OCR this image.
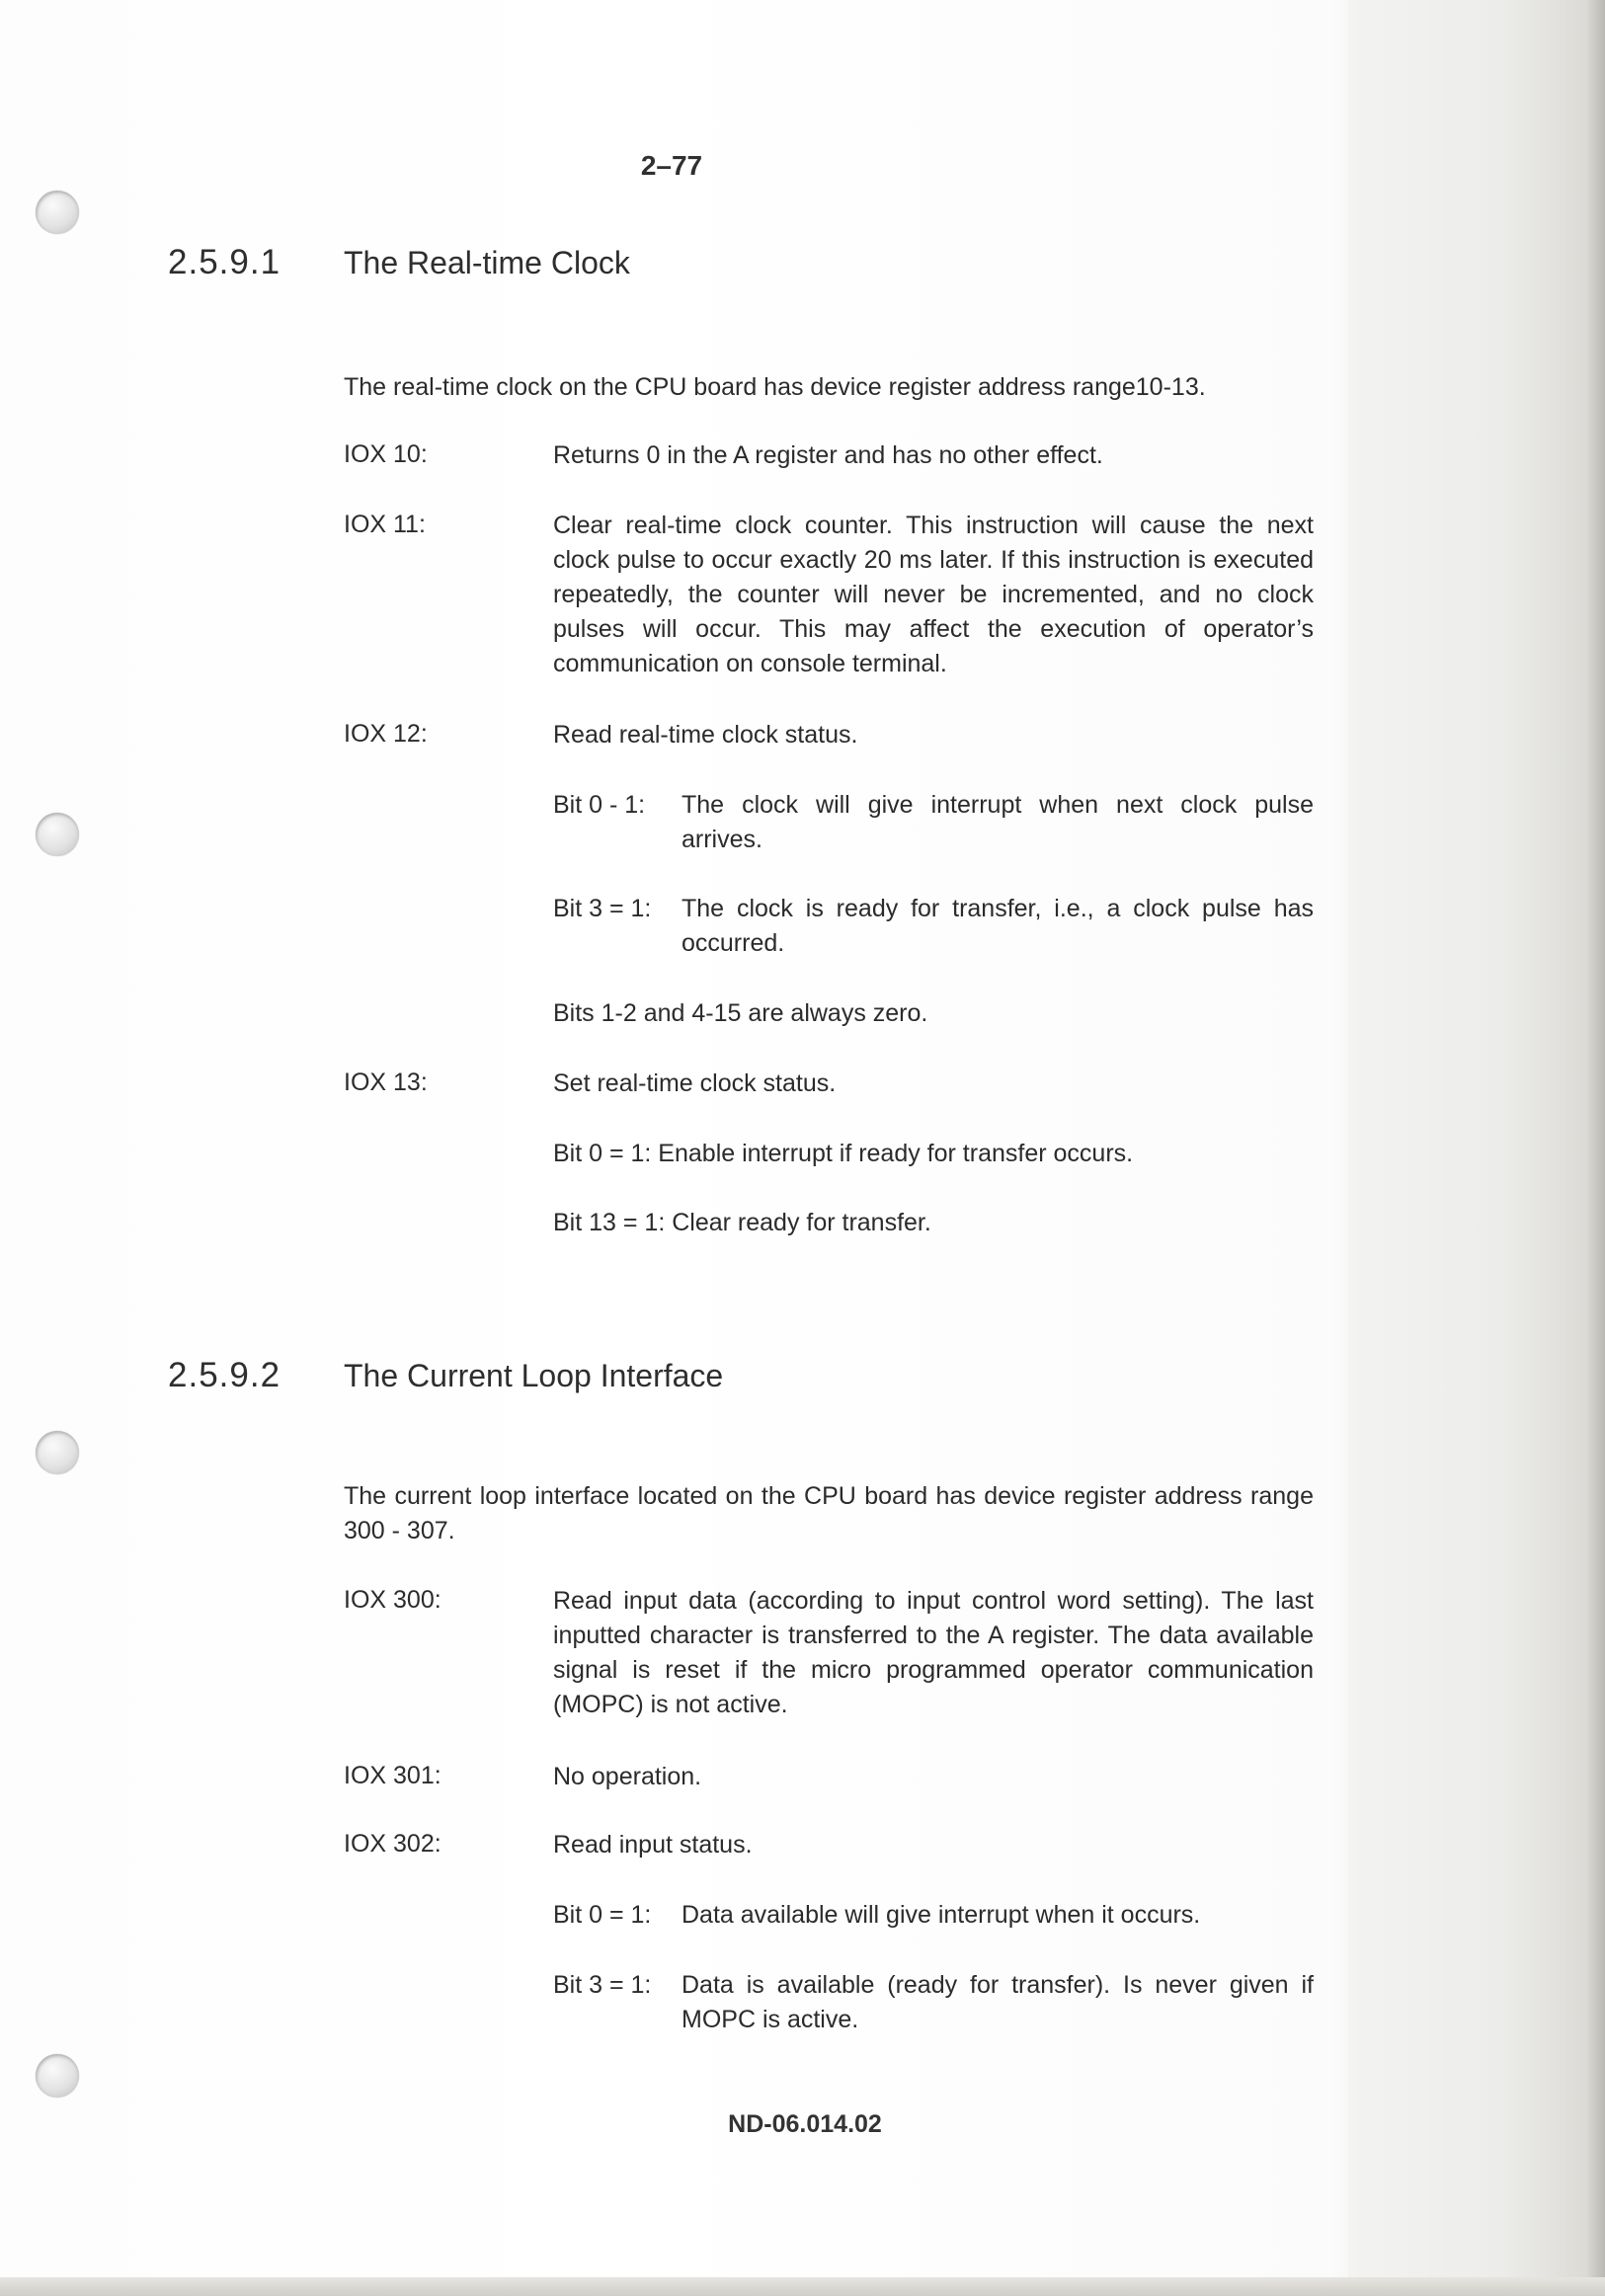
2–77
2.5.9.1 The Real-time Clock
The real-time clock on the CPU board has device register address range10-13.
IOX 10:	Returns 0 in the A register and has no other effect.
IOX 11:	Clear real-time clock counter. This instruction will cause the next clock pulse to occur exactly 20 ms later. If this instruction is executed repeatedly, the counter will never be incremented, and no clock pulses will occur. This may affect the execution of operator’s communication on console terminal.
IOX 12:	Read real-time clock status.
Bit 0 - 1:	The clock will give interrupt when next clock pulse arrives.
Bit 3 = 1:	The clock is ready for transfer, i.e., a clock pulse has occurred.
Bits 1-2 and 4-15 are always zero.
IOX 13:	Set real-time clock status.
Bit 0 = 1: Enable interrupt if ready for transfer occurs.
Bit 13 = 1: Clear ready for transfer.
2.5.9.2 The Current Loop Interface
The current loop interface located on the CPU board has device register address range 300 - 307.
IOX 300:	Read input data (according to input control word setting). The last inputted character is transferred to the A register. The data available signal is reset if the micro programmed operator communication (MOPC) is not active.
IOX 301:	No operation.
IOX 302:	Read input status.
Bit 0 = 1:	Data available will give interrupt when it occurs.
Bit 3 = 1:	Data is available (ready for transfer). Is never given if MOPC is active.
ND-06.014.02
